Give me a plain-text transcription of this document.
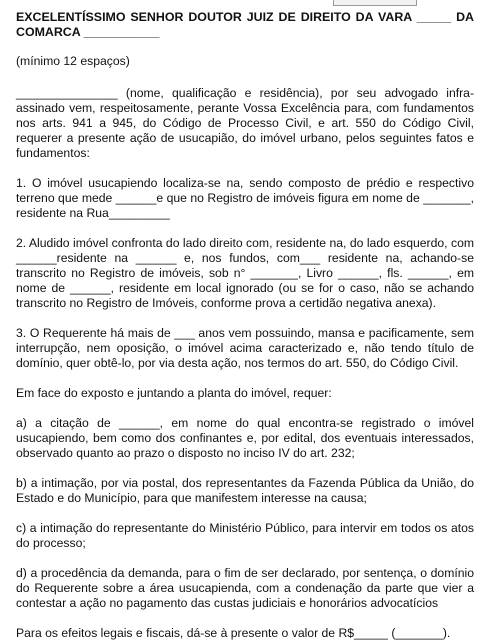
EXCELENTÍSSIMO SENHOR DOUTOR JUIZ DE DIREITO DA VARA _____ DA COMARCA ___________

(mínimo 12 espaços)

_______________ (nome, qualificação e residência), por seu advogado infra-assinado vem, respeitosamente, perante Vossa Excelência para, com fundamentos nos arts. 941 a 945, do Código de Processo Civil, e art. 550 do Código Civil, requerer a presente ação de usucapião, do imóvel urbano, pelos seguintes fatos e fundamentos:

1. O imóvel usucapiendo localiza-se na, sendo composto de prédio e respectivo terreno que mede ______e que no Registro de imóveis figura em nome de _______, residente na Rua_________

2. Aludido imóvel confronta do lado direito com, residente na, do lado esquerdo, com ______residente na ______ e, nos fundos, com___ residente na, achando-se transcrito no Registro de imóveis, sob n° _______, Livro ______, fls. ______, em nome de ______, residente em local ignorado (ou se for o caso, não se achando transcrito no Registro de Imóveis, conforme prova a certidão negativa anexa).

3. O Requerente há mais de ___ anos vem possuindo, mansa e pacificamente, sem interrupção, nem oposição, o imóvel acima caracterizado e, não tendo título de domínio, quer obtê-lo, por via desta ação, nos termos do art. 550, do Código Civil.

Em face do exposto e juntando a planta do imóvel, requer:

a) a citação de ______, em nome do qual encontra-se registrado o imóvel usucapiendo, bem como dos confinantes e, por edital, dos eventuais interessados, observado quanto ao prazo o disposto no inciso IV do art. 232;

b) a intimação, por via postal, dos representantes da Fazenda Pública da União, do Estado e do Município, para que manifestem interesse na causa;

c) a intimação do representante do Ministério Público, para intervir em todos os atos do processo;

d) a procedência da demanda, para o fim de ser declarado, por sentença, o domínio do Requerente sobre a área usucapienda, com a condenação da parte que vier a contestar a ação no pagamento das custas judiciais e honorários advocatícios

Para os efeitos legais e fiscais, dá-se à presente o valor de R$_____ (_______).
